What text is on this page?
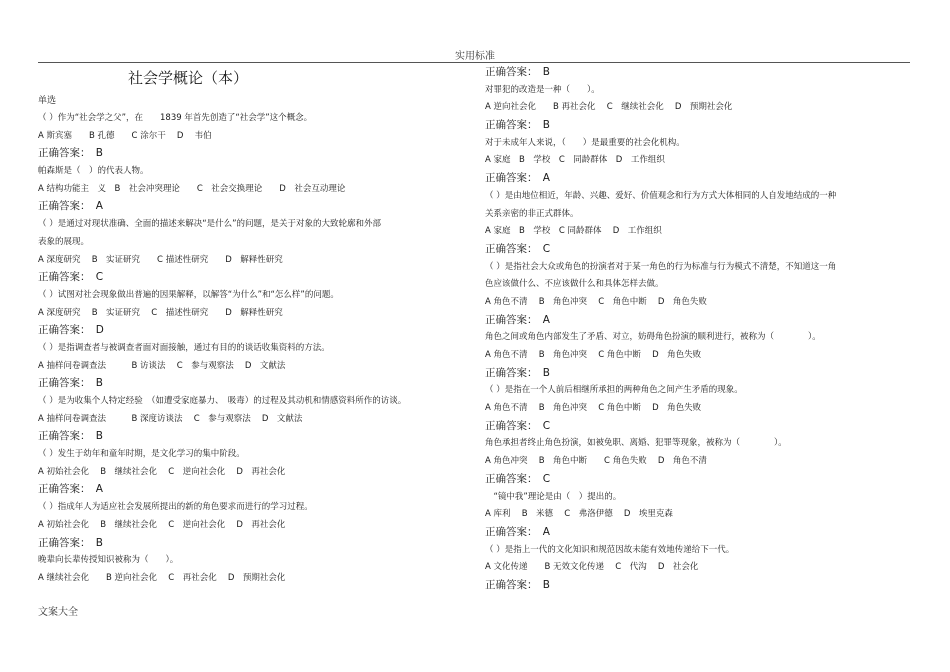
实用标准
社会学概论（本）
单选
（ ）作为“社会学之父”，在　　1839 年首先创造了“社会学”这个概念。
A 斯宾塞　　B 孔德　　C 涂尔干　 D　 韦伯
正确答案：　B
帕森斯是（　）的代表人物。
A 结构功能主　义　B　社会冲突理论　　C　社会交换理论　　D　社会互动理论
正确答案：　A
（ ）是通过对现状准确、全面的描述来解决“是什么”的问题，是关于对象的大致轮廓和外部
表象的展现。
A 深度研究　 B　实证研究　　C 描述性研究　　D　解释性研究
正确答案：　C
（ ）试图对社会现象做出普遍的因果解释，以解答“为什么”和“怎么样”的问题。
A 深度研究　 B　实证研究　 C　描述性研究　　D　解释性研究
正确答案：　D
（ ）是指调查者与被调查者面对面接触，通过有目的的谈话收集资料的方法。
A 抽样问卷调查法　　　B 访谈法　 C　参与观察法　 D　文献法
正确答案：　B
（ ）是为收集个人特定经验　（如遭受家庭暴力、　吸毒）的过程及其动机和情感资料所作的访谈。
A 抽样问卷调查法　　　B 深度访谈法　 C　参与观察法　 D　文献法
正确答案：　B
（ ）发生于幼年和童年时期，是文化学习的集中阶段。
A 初始社会化　 B　继续社会化　 C　逆向社会化　 D　再社会化
正确答案：　A
（ ）指成年人为适应社会发展所提出的新的角色要求而进行的学习过程。
A 初始社会化　 B　继续社会化　 C　逆向社会化　 D　再社会化
正确答案：　B
晚辈向长辈传授知识被称为（　　）。
A 继续社会化　　B 逆向社会化　 C　再社会化　 D　预期社会化
正确答案：　B
对罪犯的改造是一种（　　）。
A 逆向社会化　　B 再社会化　 C　继续社会化　 D　预期社会化
正确答案：　B
对于未成年人来说，（　　）是最重要的社会化机构。
A 家庭　B　学校　C　同龄群体　D　工作组织
正确答案：　A
（ ）是由地位相近，年龄、兴趣、爱好、价值观念和行为方式大体相同的人自发地结成的一种
关系亲密的非正式群体。
A 家庭　B　学校　C 同龄群体　 D　工作组织
正确答案：　C
（ ）是指社会大众或角色的扮演者对于某一角色的行为标准与行为模式不清楚，不知道这一角
色应该做什么、不应该做什么和具体怎样去做。
A 角色不清　 B　角色冲突　 C　角色中断　 D　角色失败
正确答案：　A
角色之间或角色内部发生了矛盾、对立，妨碍角色扮演的顺利进行，被称为（　　　　）。
A 角色不清　 B　角色冲突　 C 角色中断　 D　角色失败
正确答案：　B
（ ）是指在一个人前后相继所承担的两种角色之间产生矛盾的现象。
A 角色不清　 B　角色冲突　 C 角色中断　 D　角色失败
正确答案：　C
角色承担者终止角色扮演，如被免职、离婚、犯罪等现象，被称为（　　　　）。
A 角色冲突　 B　角色中断　　C 角色失败　 D　角色不清
正确答案：　C
　“镜中我”理论是由（　）提出的。
A 库利　 B　米德　 C　弗洛伊德　 D　埃里克森
正确答案：　A
（ ）是指上一代的文化知识和规范因故未能有效地传递给下一代。
A 文化传递　　B 无效文化传递　 C　代沟　 D　社会化
正确答案：　B
文案大全
